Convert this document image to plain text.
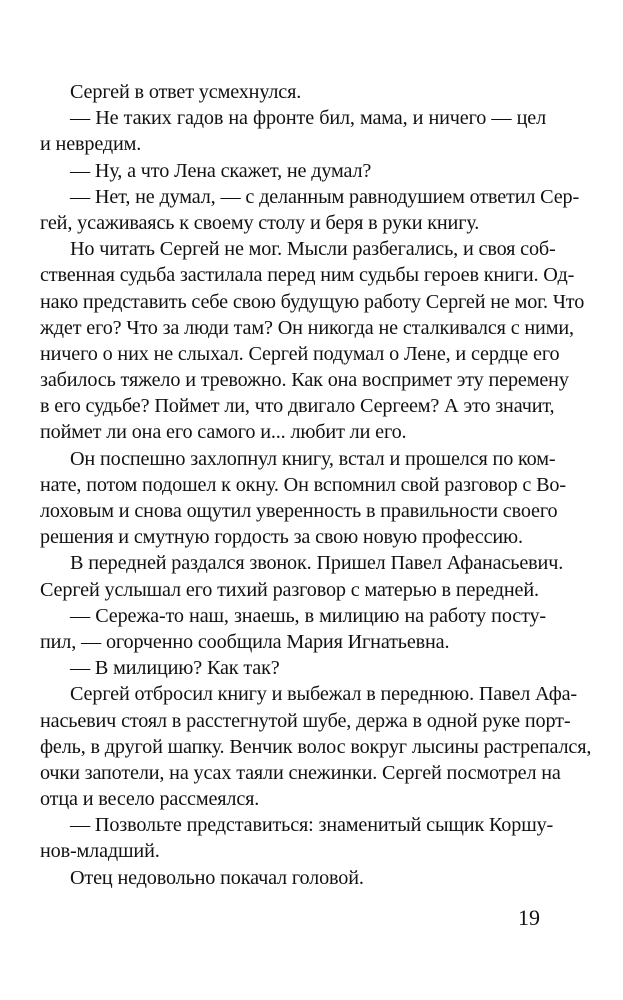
Сергей в ответ усмехнулся.
— Не таких гадов на фронте бил, мама, и ничего — цел
и невредим.
— Ну, а что Лена скажет, не думал?
— Нет, не думал, — с деланным равнодушием ответил Сер-
гей, усаживаясь к своему столу и беря в руки книгу.
Но читать Сергей не мог. Мысли разбегались, и своя соб-
ственная судьба застилала перед ним судьбы героев книги. Од-
нако представить себе свою будущую работу Сергей не мог. Что
ждет его? Что за люди там? Он никогда не сталкивался с ними,
ничего о них не слыхал. Сергей подумал о Лене, и сердце его
забилось тяжело и тревожно. Как она воспримет эту перемену
в его судьбе? Поймет ли, что двигало Сергеем? А это значит,
поймет ли она его самого и... любит ли его.
Он поспешно захлопнул книгу, встал и прошелся по ком-
нате, потом подошел к окну. Он вспомнил свой разговор с Во-
лоховым и снова ощутил уверенность в правильности своего
решения и смутную гордость за свою новую профессию.
В передней раздался звонок. Пришел Павел Афанасьевич.
Сергей услышал его тихий разговор с матерью в передней.
— Сережа-то наш, знаешь, в милицию на работу посту-
пил, — огорченно сообщила Мария Игнатьевна.
— В милицию? Как так?
Сергей отбросил книгу и выбежал в переднюю. Павел Афа-
насьевич стоял в расстегнутой шубе, держа в одной руке порт-
фель, в другой шапку. Венчик волос вокруг лысины растрепался,
очки запотели, на усах таяли снежинки. Сергей посмотрел на
отца и весело рассмеялся.
— Позвольте представиться: знаменитый сыщик Коршу-
нов-младший.
Отец недовольно покачал головой.
19
